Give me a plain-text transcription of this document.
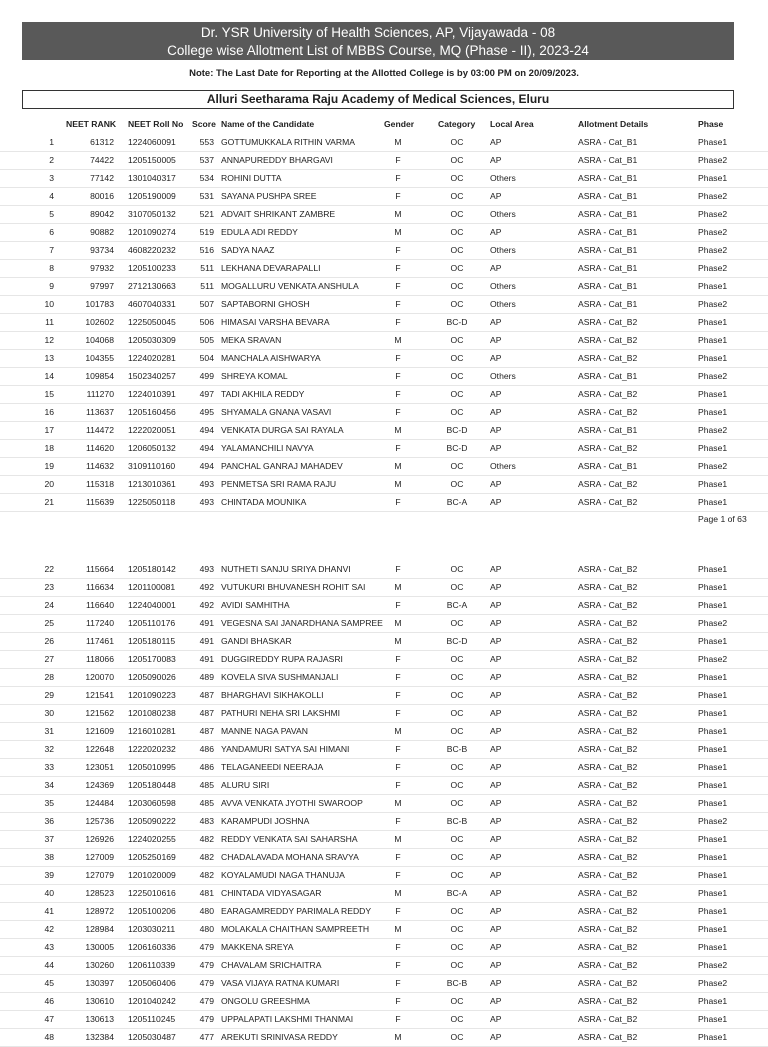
Dr. YSR University of Health Sciences, AP, Vijayawada - 08
College wise Allotment List of MBBS Course, MQ (Phase - II), 2023-24
Note: The Last Date for Reporting at the Allotted College is by 03:00 PM on 20/09/2023.
Alluri Seetharama Raju Academy of Medical Sciences, Eluru
NEET RANK NEET Roll No Score Name of the Candidate	Gender	Category Local Area	Allotment Details	Phase
1	61312 1224060091	553 GOTTUMUKKALA RITHIN VARMA	M	OC	AP	ASRA - Cat_B1	Phase1
2	74422 1205150005	537 ANNAPUREDDY BHARGAVI	F	OC	AP	ASRA - Cat_B1	Phase2
3	77142 1301040317	534 ROHINI DUTTA	F	OC	Others	ASRA - Cat_B1	Phase1
4	80016 1205190009	531 SAYANA PUSHPA SREE	F	OC	AP	ASRA - Cat_B1	Phase2
5	89042 3107050132	521 ADVAIT SHRIKANT ZAMBRE	M	OC	Others	ASRA - Cat_B1	Phase2
6	90882 1201090274	519 EDULA ADI REDDY	M	OC	AP	ASRA - Cat_B1	Phase2
7	93734 4608220232	516 SADYA NAAZ	F	OC	Others	ASRA - Cat_B1	Phase2
8	97932 1205100233	511 LEKHANA DEVARAPALLI	F	OC	AP	ASRA - Cat_B1	Phase2
9	97997 2712130663	511 MOGALLURU VENKATA ANSHULA	F	OC	Others	ASRA - Cat_B1	Phase1
10	101783 4607040331	507 SAPTABORNI GHOSH	F	OC	Others	ASRA - Cat_B1	Phase2
11	102602 1225050045	506 HIMASAI VARSHA BEVARA	F	BC-D	AP	ASRA - Cat_B2	Phase1
12	104068 1205030309	505 MEKA SRAVAN	M	OC	AP	ASRA - Cat_B2	Phase1
13	104355 1224020281	504 MANCHALA AISHWARYA	F	OC	AP	ASRA - Cat_B2	Phase1
14	109854 1502340257	499 SHREYA KOMAL	F	OC	Others	ASRA - Cat_B1	Phase2
15	111270 1224010391	497 TADI AKHILA REDDY	F	OC	AP	ASRA - Cat_B2	Phase1
16	113637 1205160456	495 SHYAMALA GNANA VASAVI	F	OC	AP	ASRA - Cat_B2	Phase1
17	114472 1222020051	494 VENKATA DURGA SAI RAYALA	M	BC-D	AP	ASRA - Cat_B1	Phase2
18	114620 1206050132	494 YALAMANCHILI NAVYA	F	BC-D	AP	ASRA - Cat_B2	Phase1
19	114632 3109110160	494 PANCHAL GANRAJ MAHADEV	M	OC	Others	ASRA - Cat_B1	Phase2
20	115318 1213010361	493 PENMETSA SRI RAMA RAJU	M	OC	AP	ASRA - Cat_B2	Phase1
21	115639 1225050118	493 CHINTADA MOUNIKA	F	BC-A	AP	ASRA - Cat_B2	Phase1
Page 1 of 63
22	115664 1205180142	493 NUTHETI SANJU SRIYA DHANVI	F	OC	AP	ASRA - Cat_B2	Phase1
23	116634 1201100081	492 VUTUKURI BHUVANESH ROHIT SAI	M	OC	AP	ASRA - Cat_B2	Phase1
24	116640 1224040001	492 AVIDI SAMHITHA	F	BC-A	AP	ASRA - Cat_B2	Phase1
25	117240 1205110176	491 VEGESNA SAI JANARDHANA SAMPREE	M	OC	AP	ASRA - Cat_B2	Phase2
26	117461 1205180115	491 GANDI BHASKAR	M	BC-D	AP	ASRA - Cat_B2	Phase1
27	118066 1205170083	491 DUGGIREDDY RUPA RAJASRI	F	OC	AP	ASRA - Cat_B2	Phase2
28	120070 1205090026	489 KOVELA SIVA SUSHMANJALI	F	OC	AP	ASRA - Cat_B2	Phase1
29	121541 1201090223	487 BHARGHAVI SIKHAKOLLI	F	OC	AP	ASRA - Cat_B2	Phase1
30	121562 1201080238	487 PATHURI NEHA SRI LAKSHMI	F	OC	AP	ASRA - Cat_B2	Phase1
31	121609 1216010281	487 MANNE NAGA PAVAN	M	OC	AP	ASRA - Cat_B2	Phase1
32	122648 1222020232	486 YANDAMURI SATYA SAI HIMANI	F	BC-B	AP	ASRA - Cat_B2	Phase1
33	123051 1205010995	486 TELAGANEEDI NEERAJA	F	OC	AP	ASRA - Cat_B2	Phase1
34	124369 1205180448	485 ALURU SIRI	F	OC	AP	ASRA - Cat_B2	Phase1
35	124484 1203060598	485 AVVA VENKATA JYOTHI SWAROOP	M	OC	AP	ASRA - Cat_B2	Phase1
36	125736 1205090222	483 KARAMPUDI JOSHNA	F	BC-B	AP	ASRA - Cat_B2	Phase2
37	126926 1224020255	482 REDDY VENKATA SAI SAHARSHA	M	OC	AP	ASRA - Cat_B2	Phase1
38	127009 1205250169	482 CHADALAVADA MOHANA SRAVYA	F	OC	AP	ASRA - Cat_B2	Phase1
39	127079 1201020009	482 KOYALAMUDI NAGA THANUJA	F	OC	AP	ASRA - Cat_B2	Phase1
40	128523 1225010616	481 CHINTADA VIDYASAGAR	M	BC-A	AP	ASRA - Cat_B2	Phase1
41	128972 1205100206	480 EARAGAMREDDY PARIMALA REDDY	F	OC	AP	ASRA - Cat_B2	Phase1
42	128984 1203030211	480 MOLAKALA CHAITHAN SAMPREETH	M	OC	AP	ASRA - Cat_B2	Phase1
43	130005 1206160336	479 MAKKENA SREYA	F	OC	AP	ASRA - Cat_B2	Phase1
44	130260 1206110339	479 CHAVALAM SRICHAITRA	F	OC	AP	ASRA - Cat_B2	Phase2
45	130397 1205060406	479 VASA VIJAYA RATNA KUMARI	F	BC-B	AP	ASRA - Cat_B2	Phase2
46	130610 1201040242	479 ONGOLU GREESHMA	F	OC	AP	ASRA - Cat_B2	Phase1
47	130613 1205110245	479 UPPALAPATI LAKSHMI THANMAI	F	OC	AP	ASRA - Cat_B2	Phase1
48	132384 1205030487	477 AREKUTI SRINIVASA REDDY	M	OC	AP	ASRA - Cat_B2	Phase1
